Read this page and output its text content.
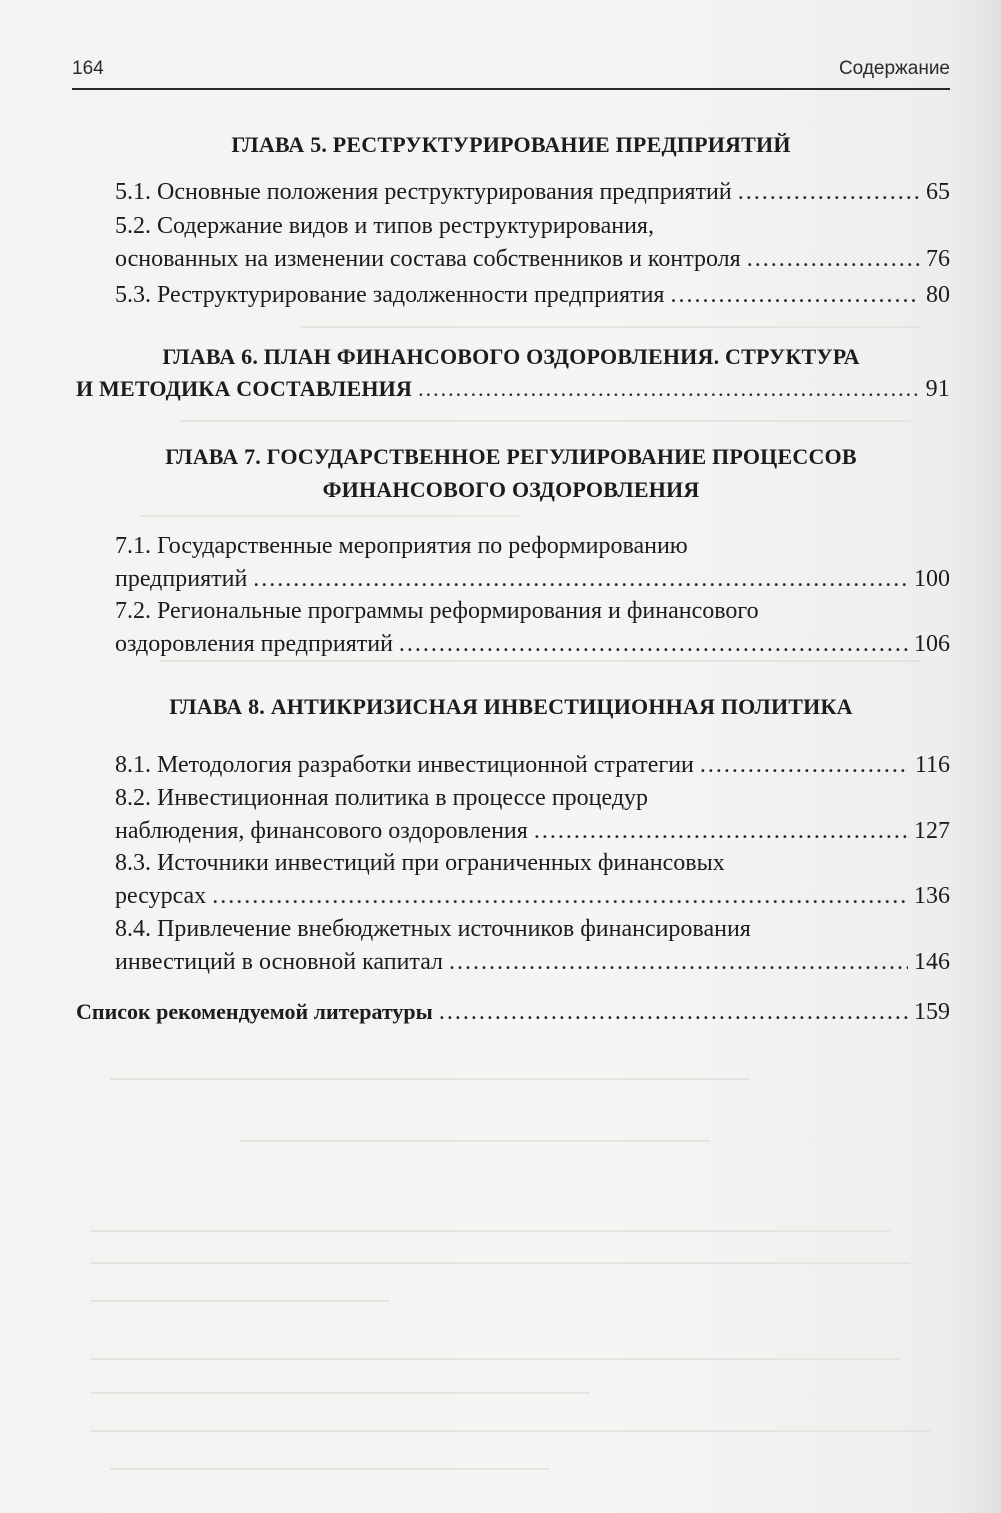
164	Содержание
ГЛАВА 5. РЕСТРУКТУРИРОВАНИЕ ПРЕДПРИЯТИЙ
5.1. Основные положения реструктурирования предприятий .....	65
5.2. Содержание видов и типов реструктурирования,
основанных на изменении состава собственников и контроля .....	76
5.3. Реструктурирование задолженности предприятия .....	80
ГЛАВА 6. ПЛАН ФИНАНСОВОГО ОЗДОРОВЛЕНИЯ. СТРУКТУРА
И МЕТОДИКА СОСТАВЛЕНИЯ .....	91
ГЛАВА 7. ГОСУДАРСТВЕННОЕ РЕГУЛИРОВАНИЕ ПРОЦЕССОВ
ФИНАНСОВОГО ОЗДОРОВЛЕНИЯ
7.1. Государственные мероприятия по реформированию
предприятий .....	100
7.2. Региональные программы реформирования и финансового
оздоровления предприятий .....	106
ГЛАВА 8. АНТИКРИЗИСНАЯ ИНВЕСТИЦИОННАЯ ПОЛИТИКА
8.1. Методология разработки инвестиционной стратегии .....	116
8.2. Инвестиционная политика в процессе процедур
наблюдения, финансового оздоровления .....	127
8.3. Источники инвестиций при ограниченных финансовых
ресурсах .....	136
8.4. Привлечение внебюджетных источников финансирования
инвестиций в основной капитал .....	146
Список рекомендуемой литературы .....	159
